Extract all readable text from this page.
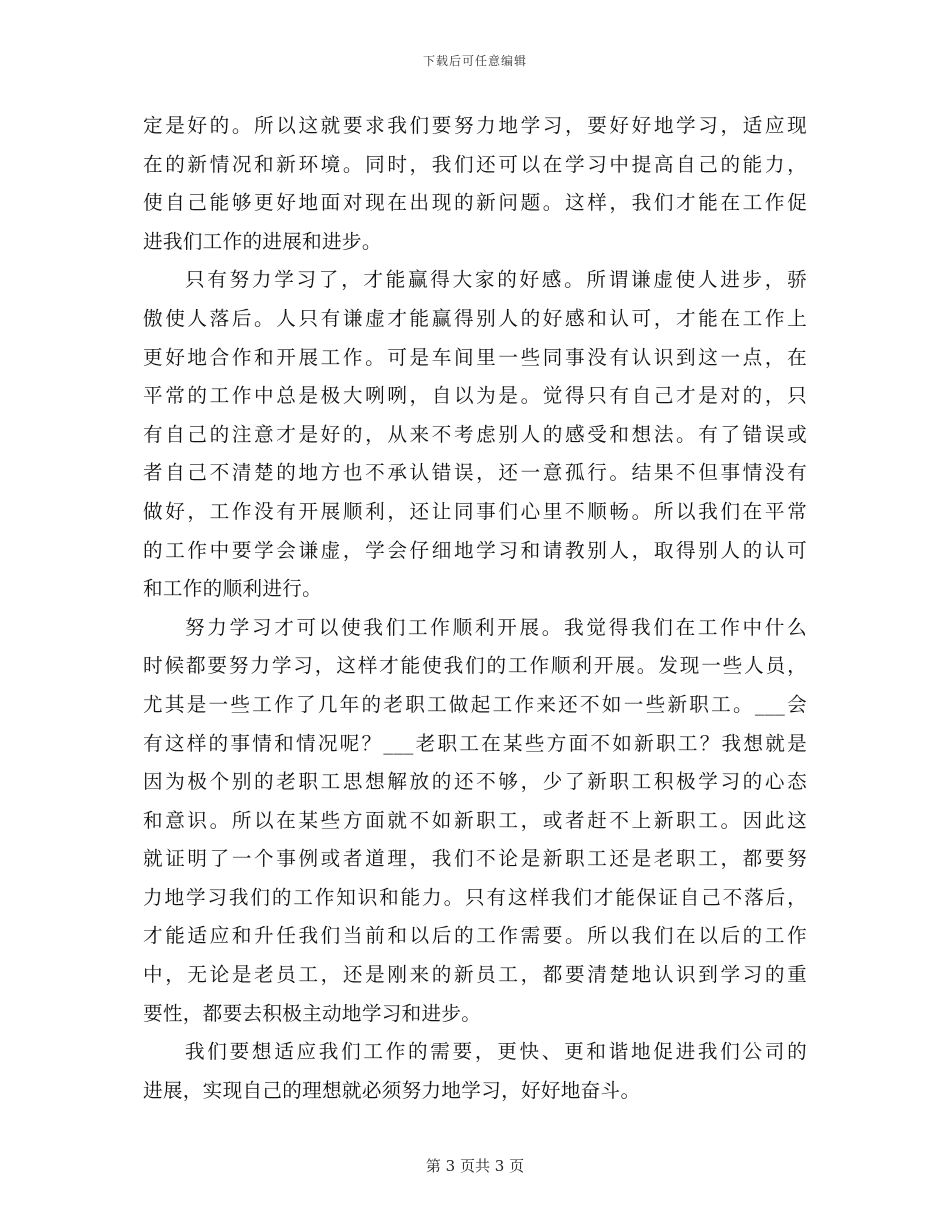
下载后可任意编辑
定是好的。所以这就要求我们要努力地学习，要好好地学习，适应现
在的新情况和新环境。同时，我们还可以在学习中提高自己的能力，
使自己能够更好地面对现在出现的新问题。这样，我们才能在工作促
进我们工作的进展和进步。
只有努力学习了，才能赢得大家的好感。所谓谦虚使人进步，骄
傲使人落后。人只有谦虚才能赢得别人的好感和认可，才能在工作上
更好地合作和开展工作。可是车间里一些同事没有认识到这一点，在
平常的工作中总是极大咧咧，自以为是。觉得只有自己才是对的，只
有自己的注意才是好的，从来不考虑别人的感受和想法。有了错误或
者自己不清楚的地方也不承认错误，还一意孤行。结果不但事情没有
做好，工作没有开展顺利，还让同事们心里不顺畅。所以我们在平常
的工作中要学会谦虚，学会仔细地学习和请教别人，取得别人的认可
和工作的顺利进行。
努力学习才可以使我们工作顺利开展。我觉得我们在工作中什么
时候都要努力学习，这样才能使我们的工作顺利开展。发现一些人员，
尤其是一些工作了几年的老职工做起工作来还不如一些新职工。___会
有这样的事情和情况呢？___老职工在某些方面不如新职工？我想就是
因为极个别的老职工思想解放的还不够，少了新职工积极学习的心态
和意识。所以在某些方面就不如新职工，或者赶不上新职工。因此这
就证明了一个事例或者道理，我们不论是新职工还是老职工，都要努
力地学习我们的工作知识和能力。只有这样我们才能保证自己不落后，
才能适应和升任我们当前和以后的工作需要。所以我们在以后的工作
中，无论是老员工，还是刚来的新员工，都要清楚地认识到学习的重
要性，都要去积极主动地学习和进步。
我们要想适应我们工作的需要，更快、更和谐地促进我们公司的
进展，实现自己的理想就必须努力地学习，好好地奋斗。
第 3 页共 3 页
